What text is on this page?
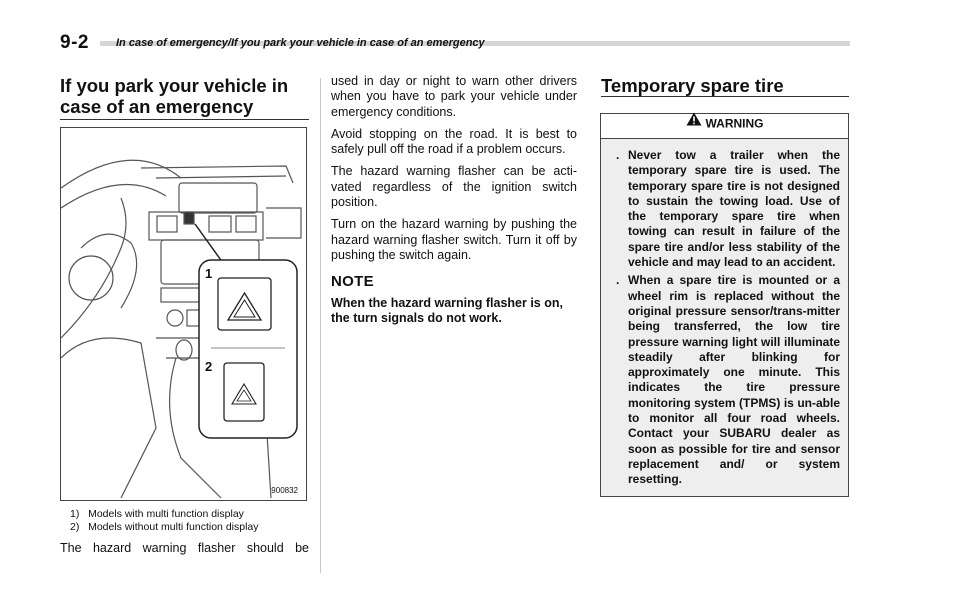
9-2 In case of emergency/If you park your vehicle in case of an emergency
If you park your vehicle in case of an emergency
1
2
900832
1)   Models with multi function display
2)   Models without multi function display
The hazard warning flasher should be

used in day or night to warn other drivers when you have to park your vehicle under emergency conditions.

Avoid stopping on the road. It is best to safely pull off the road if a problem occurs.

The hazard warning flasher can be acti-vated regardless of the ignition switch position.

Turn on the hazard warning by pushing the hazard warning flasher switch. Turn it off by pushing the switch again.

NOTE
When the hazard warning flasher is on, the turn signals do not work.
Temporary spare tire
WARNING
. Never tow a trailer when the temporary spare tire is used. The temporary spare tire is not designed to sustain the towing load. Use of the temporary spare tire when towing can result in failure of the spare tire and/or less stability of the vehicle and may lead to an accident.
. When a spare tire is mounted or a wheel rim is replaced without the original pressure sensor/trans-mitter being transferred, the low tire pressure warning light will illuminate steadily after blinking for approximately one minute. This indicates the tire pressure monitoring system (TPMS) is un-able to monitor all four road wheels. Contact your SUBARU dealer as soon as possible for tire and sensor replacement and/ or system resetting.
